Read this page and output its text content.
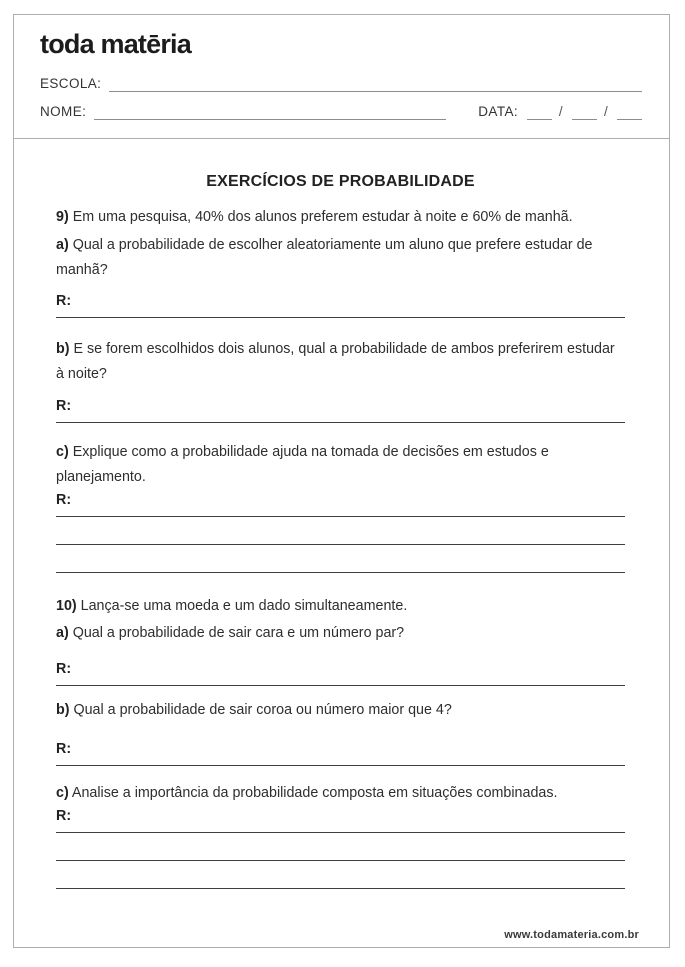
toda matēria
ESCOLA:
NOME:	DATA:	/	/
EXERCÍCIOS DE PROBABILIDADE

9) Em uma pesquisa, 40% dos alunos preferem estudar à noite e 60% de manhã.

a) Qual a probabilidade de escolher aleatoriamente um aluno que prefere estudar de manhã?

R:

b) E se forem escolhidos dois alunos, qual a probabilidade de ambos preferirem estudar à noite?

R:

c) Explique como a probabilidade ajuda na tomada de decisões em estudos e planejamento.

R:

10) Lança-se uma moeda e um dado simultaneamente.

a) Qual a probabilidade de sair cara e um número par?

R:

b) Qual a probabilidade de sair coroa ou número maior que 4?

R:

c) Analise a importância da probabilidade composta em situações combinadas.

R:
www.todamateria.com.br
